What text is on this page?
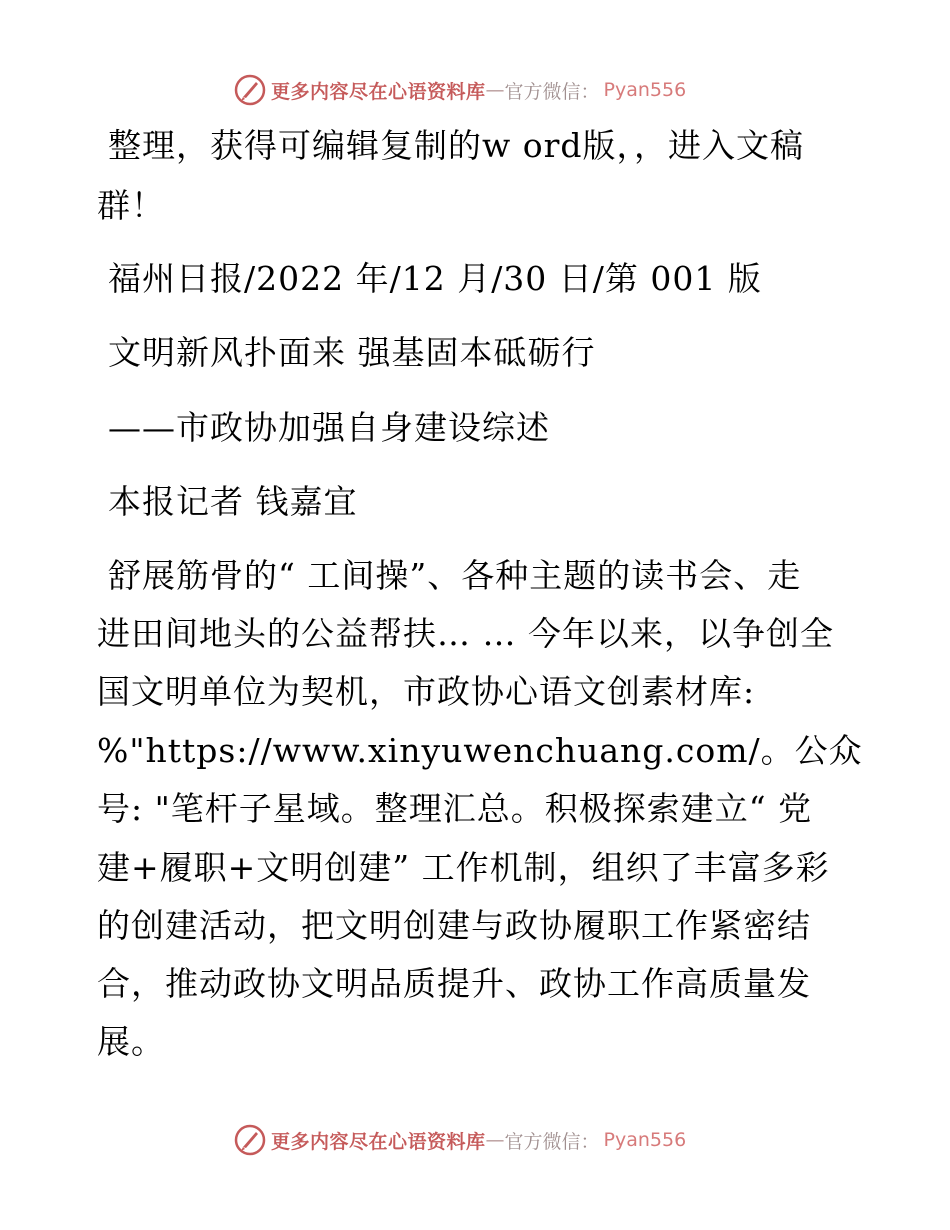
更多内容尽在心语资料库 — 官方微信： Pyan556
整理，获得可编辑复制的w ord版，，进入文稿
群！
福州日报/2022 年/12 月/30 日/第 001 版
文明新风扑面来 强基固本砥砺行
——市政协加强自身建设综述
本报记者 钱嘉宜
舒展筋骨的“ 工间操”、各种主题的读书会、走
进田间地头的公益帮扶… … 今年以来，以争创全
国文明单位为契机，市政协心语文创素材库:
%"https://www.xinyuwenchuang.com/。公众
号: "笔杆子星域。整理汇总。积极探索建立“ 党
建+履职+文明创建” 工作机制，组织了丰富多彩
的创建活动，把文明创建与政协履职工作紧密结
合，推动政协文明品质提升、政协工作高质量发
展。
更多内容尽在心语资料库 — 官方微信： Pyan556
